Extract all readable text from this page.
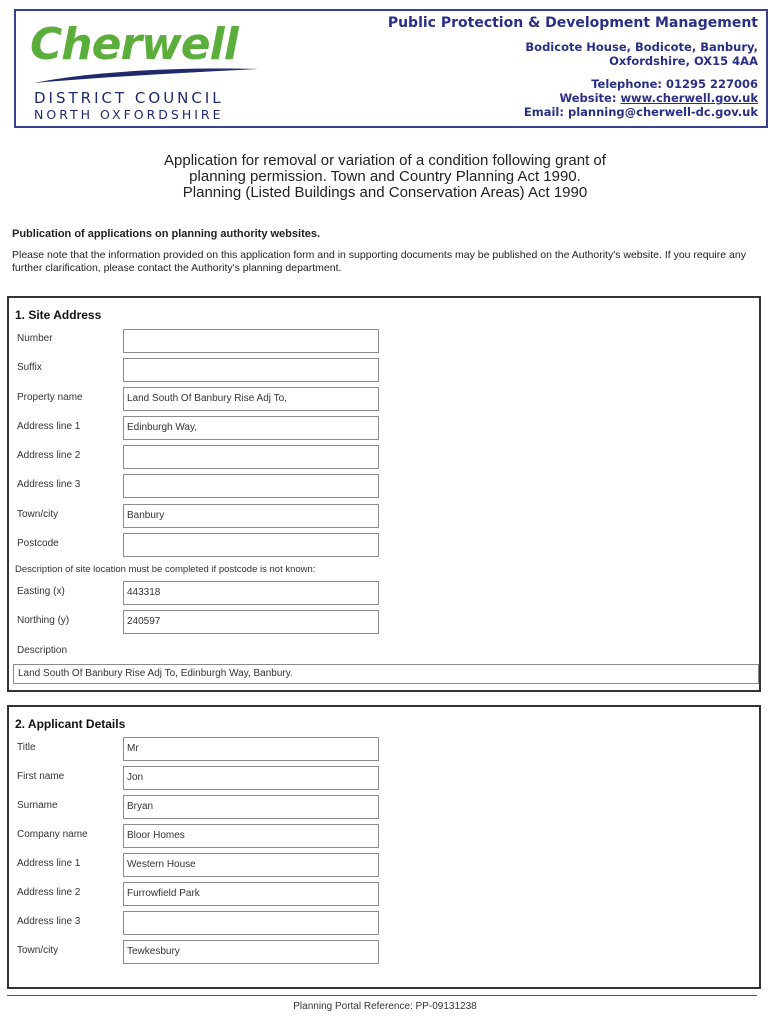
Cherwell
DISTRICT COUNCIL
NORTH OXFORDSHIRE
Public Protection & Development Management
Bodicote House, Bodicote, Banbury,
Oxfordshire, OX15 4AA
Telephone: 01295 227006
Website: www.cherwell.gov.uk
Email: planning@cherwell-dc.gov.uk
Application for removal or variation of a condition following grant of
planning permission. Town and Country Planning Act 1990.
Planning (Listed Buildings and Conservation Areas) Act 1990
Publication of applications on planning authority websites.
Please note that the information provided on this application form and in supporting documents may be published on the Authority's website. If you require any further clarification, please contact the Authority's planning department.
1. Site Address
Number
Suffix
Property name	Land South Of Banbury Rise Adj To,
Address line 1	Edinburgh Way,
Address line 2
Address line 3
Town/city	Banbury
Postcode
Description of site location must be completed if postcode is not known:
Easting (x)	443318
Northing (y)	240597
Description
Land South Of Banbury Rise Adj To, Edinburgh Way, Banbury.
2. Applicant Details
Title	Mr
First name	Jon
Surname	Bryan
Company name	Bloor Homes
Address line 1	Western House
Address line 2	Furrowfield Park
Address line 3
Town/city	Tewkesbury
Planning Portal Reference: PP-09131238
